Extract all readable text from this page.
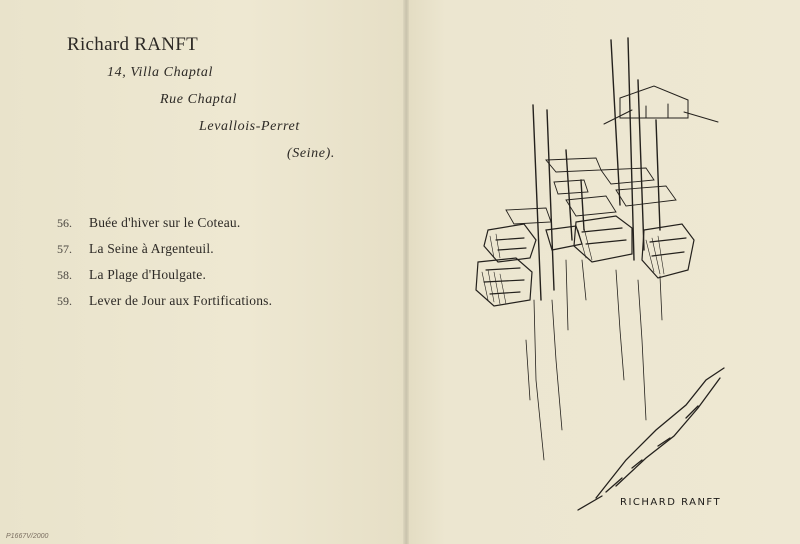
Richard RANFT
14, Villa Chaptal
Rue Chaptal
Levallois-Perret
(Seine).
56.	Buée d'hiver sur le Coteau.
57.	La Seine à Argenteuil.
58.	La Plage d'Houlgate.
59.	Lever de Jour aux Fortifications.
P1667V/2000
RICHARD RANFT
